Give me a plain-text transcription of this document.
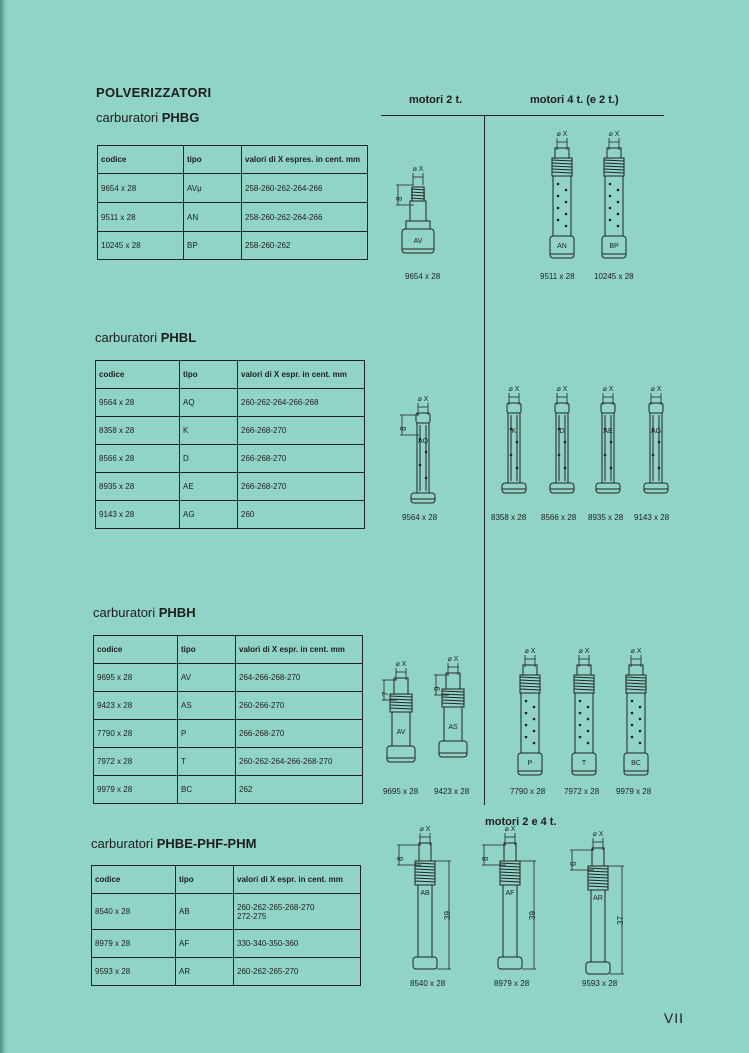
POLVERIZZATORI	motori 2 t.	motori 4 t. (e 2 t.)
motori 2 e 4 t.
carburatori PHBG
carburatori PHBL
carburatori PHBH
carburatori PHBE-PHF-PHM
codice	tipo	valori di X espres. in cent. mm
9654 x 28	AVμ	258-260-262-264-266
9511 x 28	AN	258-260-262-264-266
10245 x 28	BP	258-260-262
codice	tipo	valori di X espr. in cent. mm
9564 x 28	AQ	260-262-264-266-268
8358 x 28	K	266-268-270
8566 x 28	D	266-268-270
8935 x 28	AE	266-268-270
9143 x 28	AG	260
codice	tipo	valori di X espr. in cent. mm
9695 x 28	AV	264-266-268-270
9423 x 28	AS	260-266-270
7790 x 28	P	266-268-270
7972 x 28	T	260-262-264-266-268-270
9979 x 28	BC	262
codice	tipo	valori di X espr. in cent. mm
8540 x 28	AB	260-262-265-268-270
272-275
8979 x 28	AF	330-340-350-360
9593 x 28	AR	260-262-265-270
⌀ X
AV
8
9654 x 28
⌀ X
AN
⌀ X
BP
9511 x 28 10245 x 28
⌀ X
AQ
8
9564 x 28
⌀ X
K
⌀ X
D
⌀ X
AE
⌀ X
AG
8358 x 28 8566 x 28 8935 x 28 9143 x 28
⌀ X
AV
7
⌀ X
AS
9
9695 x 28 9423 x 28
⌀ X
P
⌀ X
T
⌀ X
BC
7790 x 28 7972 x 28 9979 x 28
⌀ X
AB
8
39
⌀ X
AF
8
39
⌀ X
AR
6
37
8540 x 28	8979 x 28	9593 x 28
VII
